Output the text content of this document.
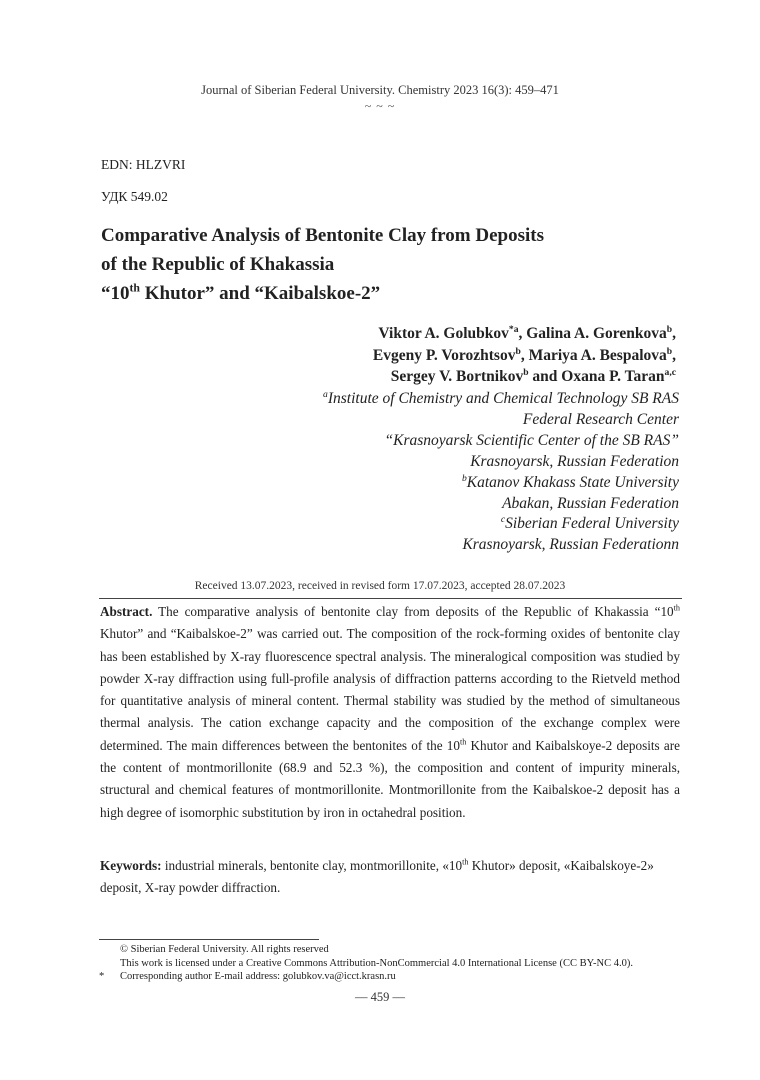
Journal of Siberian Federal University. Chemistry 2023 16(3): 459–471
~ ~ ~
EDN: HLZVRI
УДК 549.02
Comparative Analysis of Bentonite Clay from Deposits
of the Republic of Khakassia
“10th Khutor” and “Kaibalskoe-2”
Viktor A. Golubkov$^{*a}$, Galina A. Gorenkova$^b$,
Evgeny P. Vorozhtsov$^b$, Mariya A. Bespalova$^b$,
Sergey V. Bortnikov$^b$ and Oxana P. Taran$^{a,c}$
$^a$Institute of Chemistry and Chemical Technology SB RAS
Federal Research Center
“Krasnoyarsk Scientific Center of the SB RAS”
Krasnoyarsk, Russian Federation
$^b$Katanov Khakass State University
Abakan, Russian Federation
$^c$Siberian Federal University
Krasnoyarsk, Russian Federationn
Received 13.07.2023, received in revised form 17.07.2023, accepted 28.07.2023
Abstract. The comparative analysis of bentonite clay from deposits of the Republic of Khakassia “10th Khutor” and “Kaibalskoe-2” was carried out. The composition of the rock-forming oxides of bentonite clay has been established by X-ray fluorescence spectral analysis. The mineralogical composition was studied by powder X-ray diffraction using full-profile analysis of diffraction patterns according to the Rietveld method for quantitative analysis of mineral content. Thermal stability was studied by the method of simultaneous thermal analysis. The cation exchange capacity and the composition of the exchange complex were determined. The main differences between the bentonites of the 10th Khutor and Kaibalskoye-2 deposits are the content of montmorillonite (68.9 and 52.3 %), the composition and content of impurity minerals, structural and chemical features of montmorillonite. Montmorillonite from the Kaibalskoe-2 deposit has a high degree of isomorphic substitution by iron in octahedral position.
Keywords: industrial minerals, bentonite clay, montmorillonite, «10th Khutor» deposit, «Kaibalskoye-2» deposit, X-ray powder diffraction.
© Siberian Federal University. All rights reserved
This work is licensed under a Creative Commons Attribution-NonCommercial 4.0 International License (CC BY-NC 4.0).
* Corresponding author E-mail address: golubkov.va@icct.krasn.ru
— 459 —
